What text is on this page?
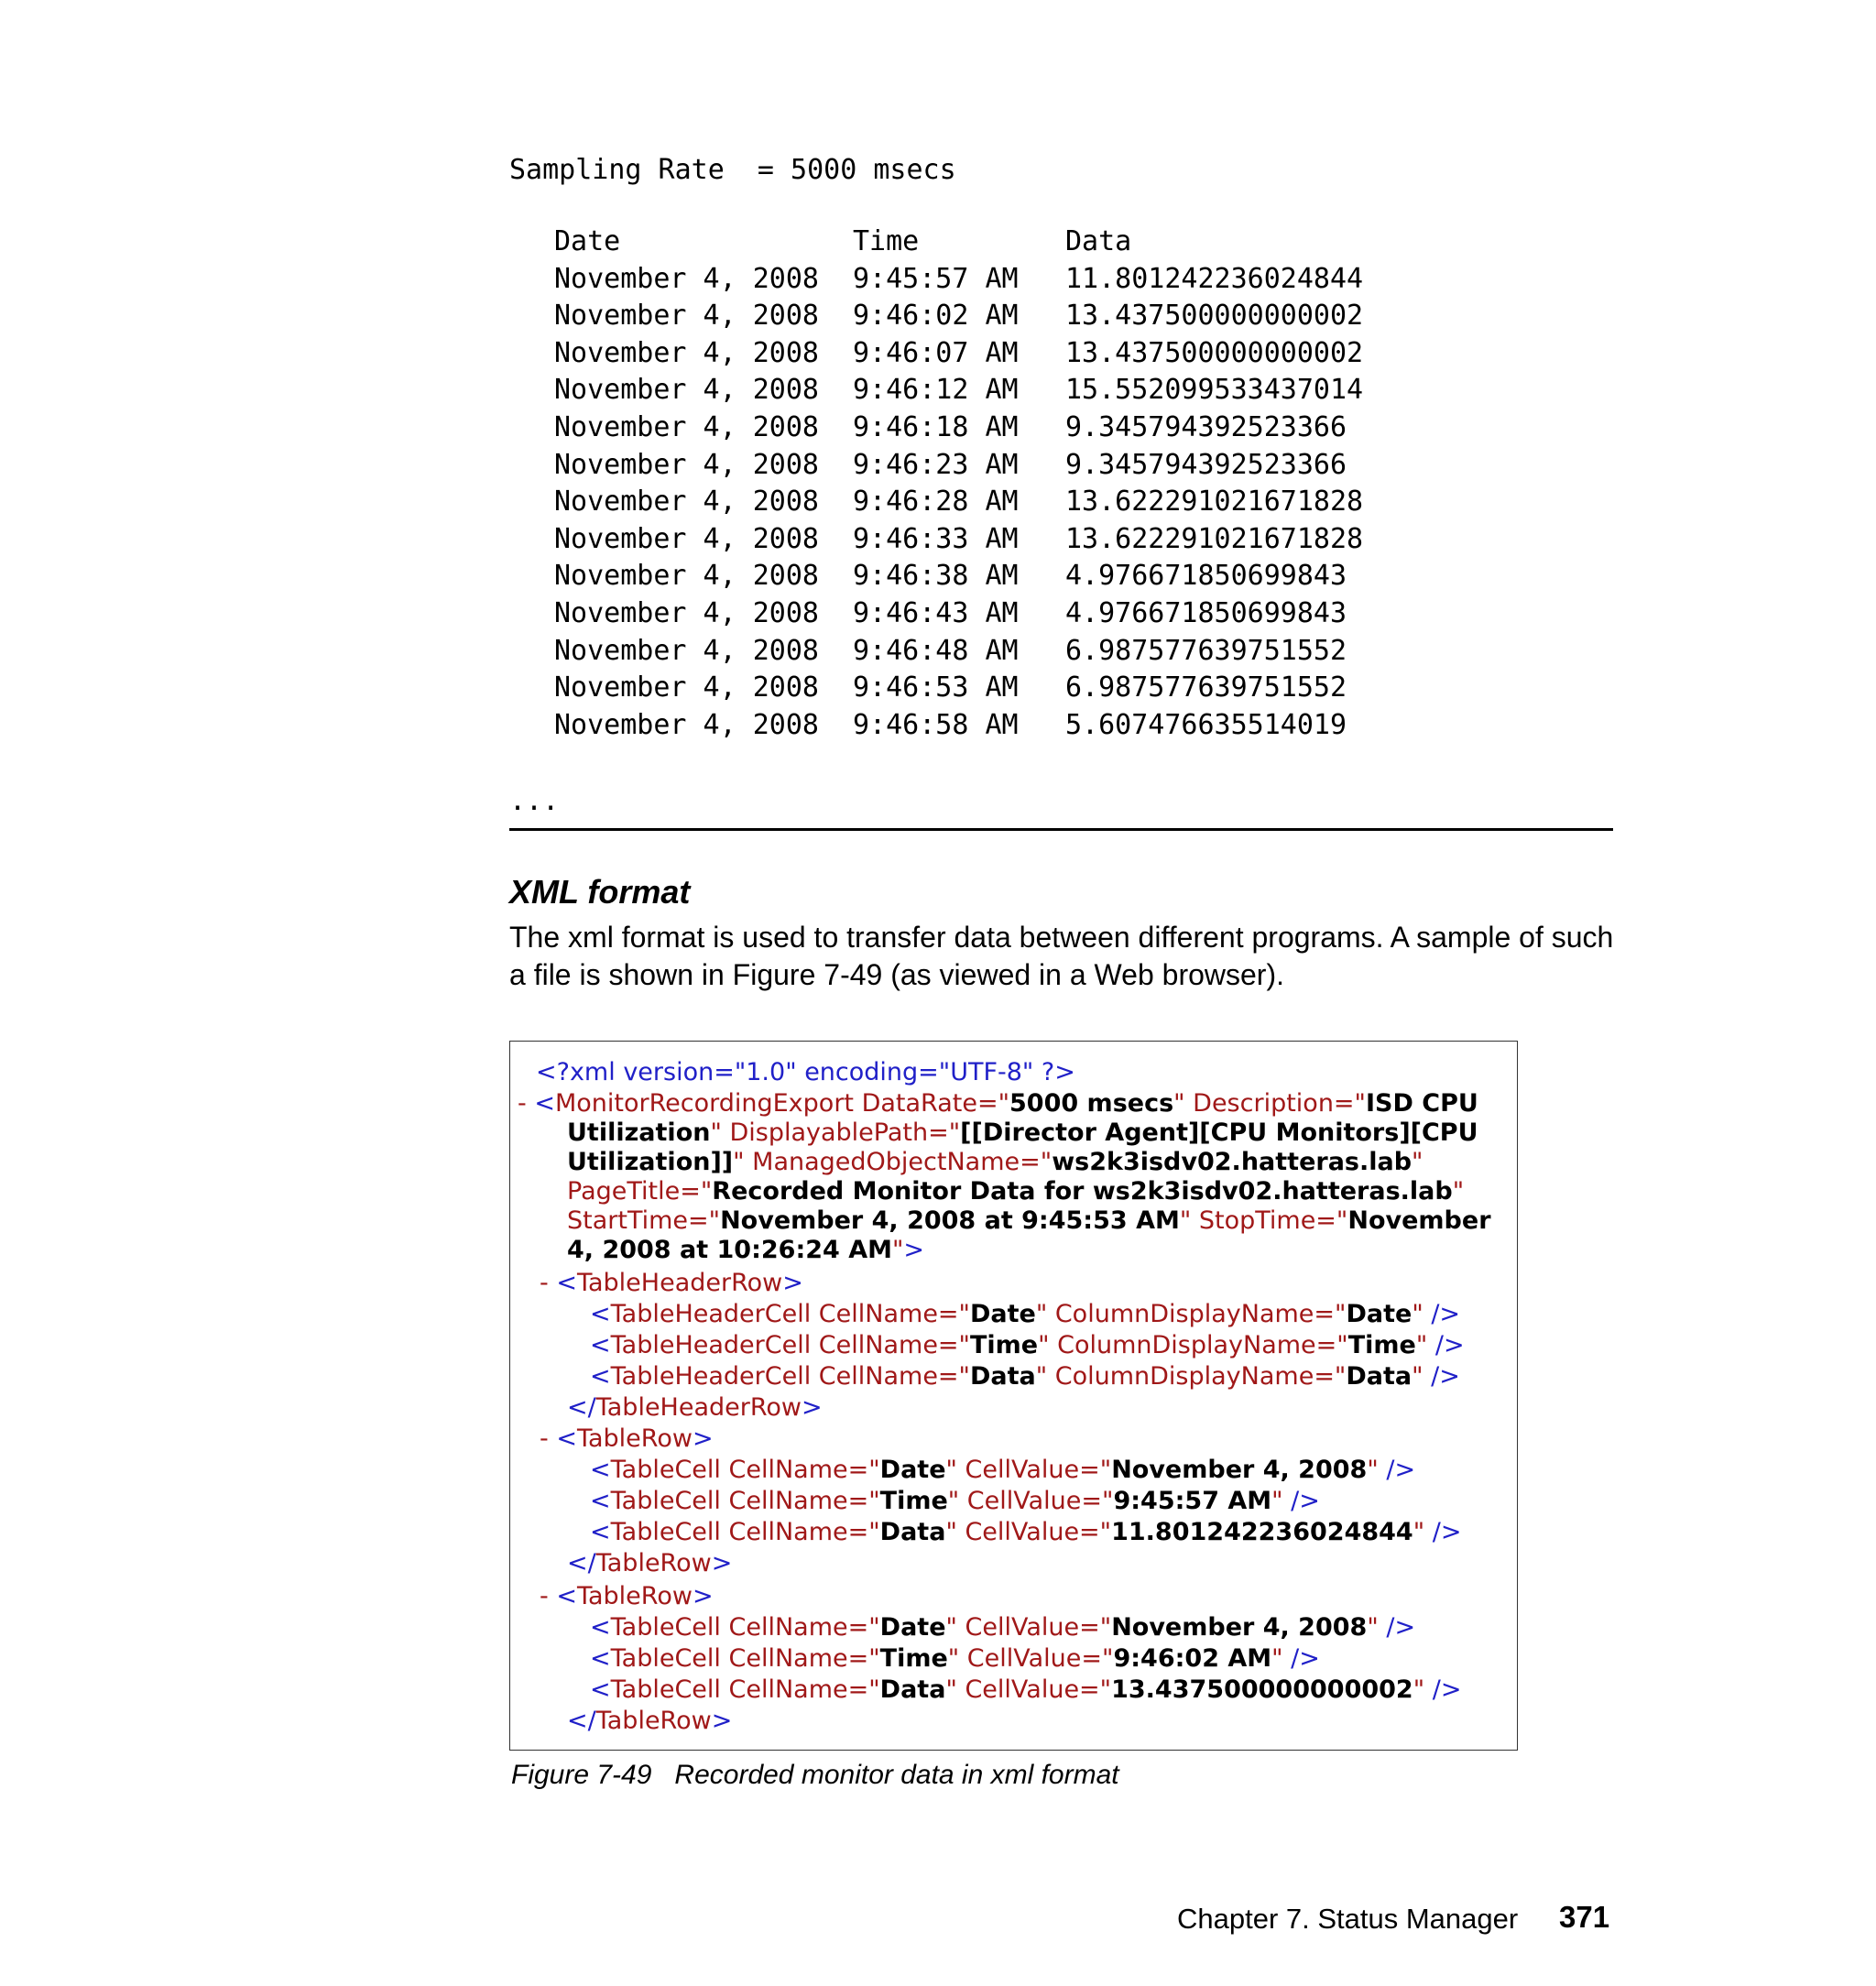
Sampling Rate  = 5000 msecs
Date	Time	Data
November 4, 2008	9:45:57 AM	11.801242236024844
November 4, 2008	9:46:02 AM	13.437500000000002
November 4, 2008	9:46:07 AM	13.437500000000002
November 4, 2008	9:46:12 AM	15.552099533437014
November 4, 2008	9:46:18 AM	9.345794392523366
November 4, 2008	9:46:23 AM	9.345794392523366
November 4, 2008	9:46:28 AM	13.622291021671828
November 4, 2008	9:46:33 AM	13.622291021671828
November 4, 2008	9:46:38 AM	4.976671850699843
November 4, 2008	9:46:43 AM	4.976671850699843
November 4, 2008	9:46:48 AM	6.987577639751552
November 4, 2008	9:46:53 AM	6.987577639751552
November 4, 2008	9:46:58 AM	5.607476635514019
...
XML format
The xml format is used to transfer data between different programs. A sample of such a file is shown in Figure 7-49 (as viewed in a Web browser).
<?xml version="1.0" encoding="UTF-8" ?>
- <MonitorRecordingExport DataRate="5000 msecs" Description="ISD CPU
Utilization" DisplayablePath="[[Director Agent][CPU Monitors][CPU
Utilization]]" ManagedObjectName="ws2k3isdv02.hatteras.lab"
PageTitle="Recorded Monitor Data for ws2k3isdv02.hatteras.lab"
StartTime="November 4, 2008 at 9:45:53 AM" StopTime="November
4, 2008 at 10:26:24 AM">
- <TableHeaderRow>
<TableHeaderCell CellName="Date" ColumnDisplayName="Date" />
<TableHeaderCell CellName="Time" ColumnDisplayName="Time" />
<TableHeaderCell CellName="Data" ColumnDisplayName="Data" />
</TableHeaderRow>
- <TableRow>
<TableCell CellName="Date" CellValue="November 4, 2008" />
<TableCell CellName="Time" CellValue="9:45:57 AM" />
<TableCell CellName="Data" CellValue="11.801242236024844" />
</TableRow>
- <TableRow>
<TableCell CellName="Date" CellValue="November 4, 2008" />
<TableCell CellName="Time" CellValue="9:46:02 AM" />
<TableCell CellName="Data" CellValue="13.437500000000002" />
</TableRow>
Figure 7-49   Recorded monitor data in xml format
Chapter 7. Status Manager 371
